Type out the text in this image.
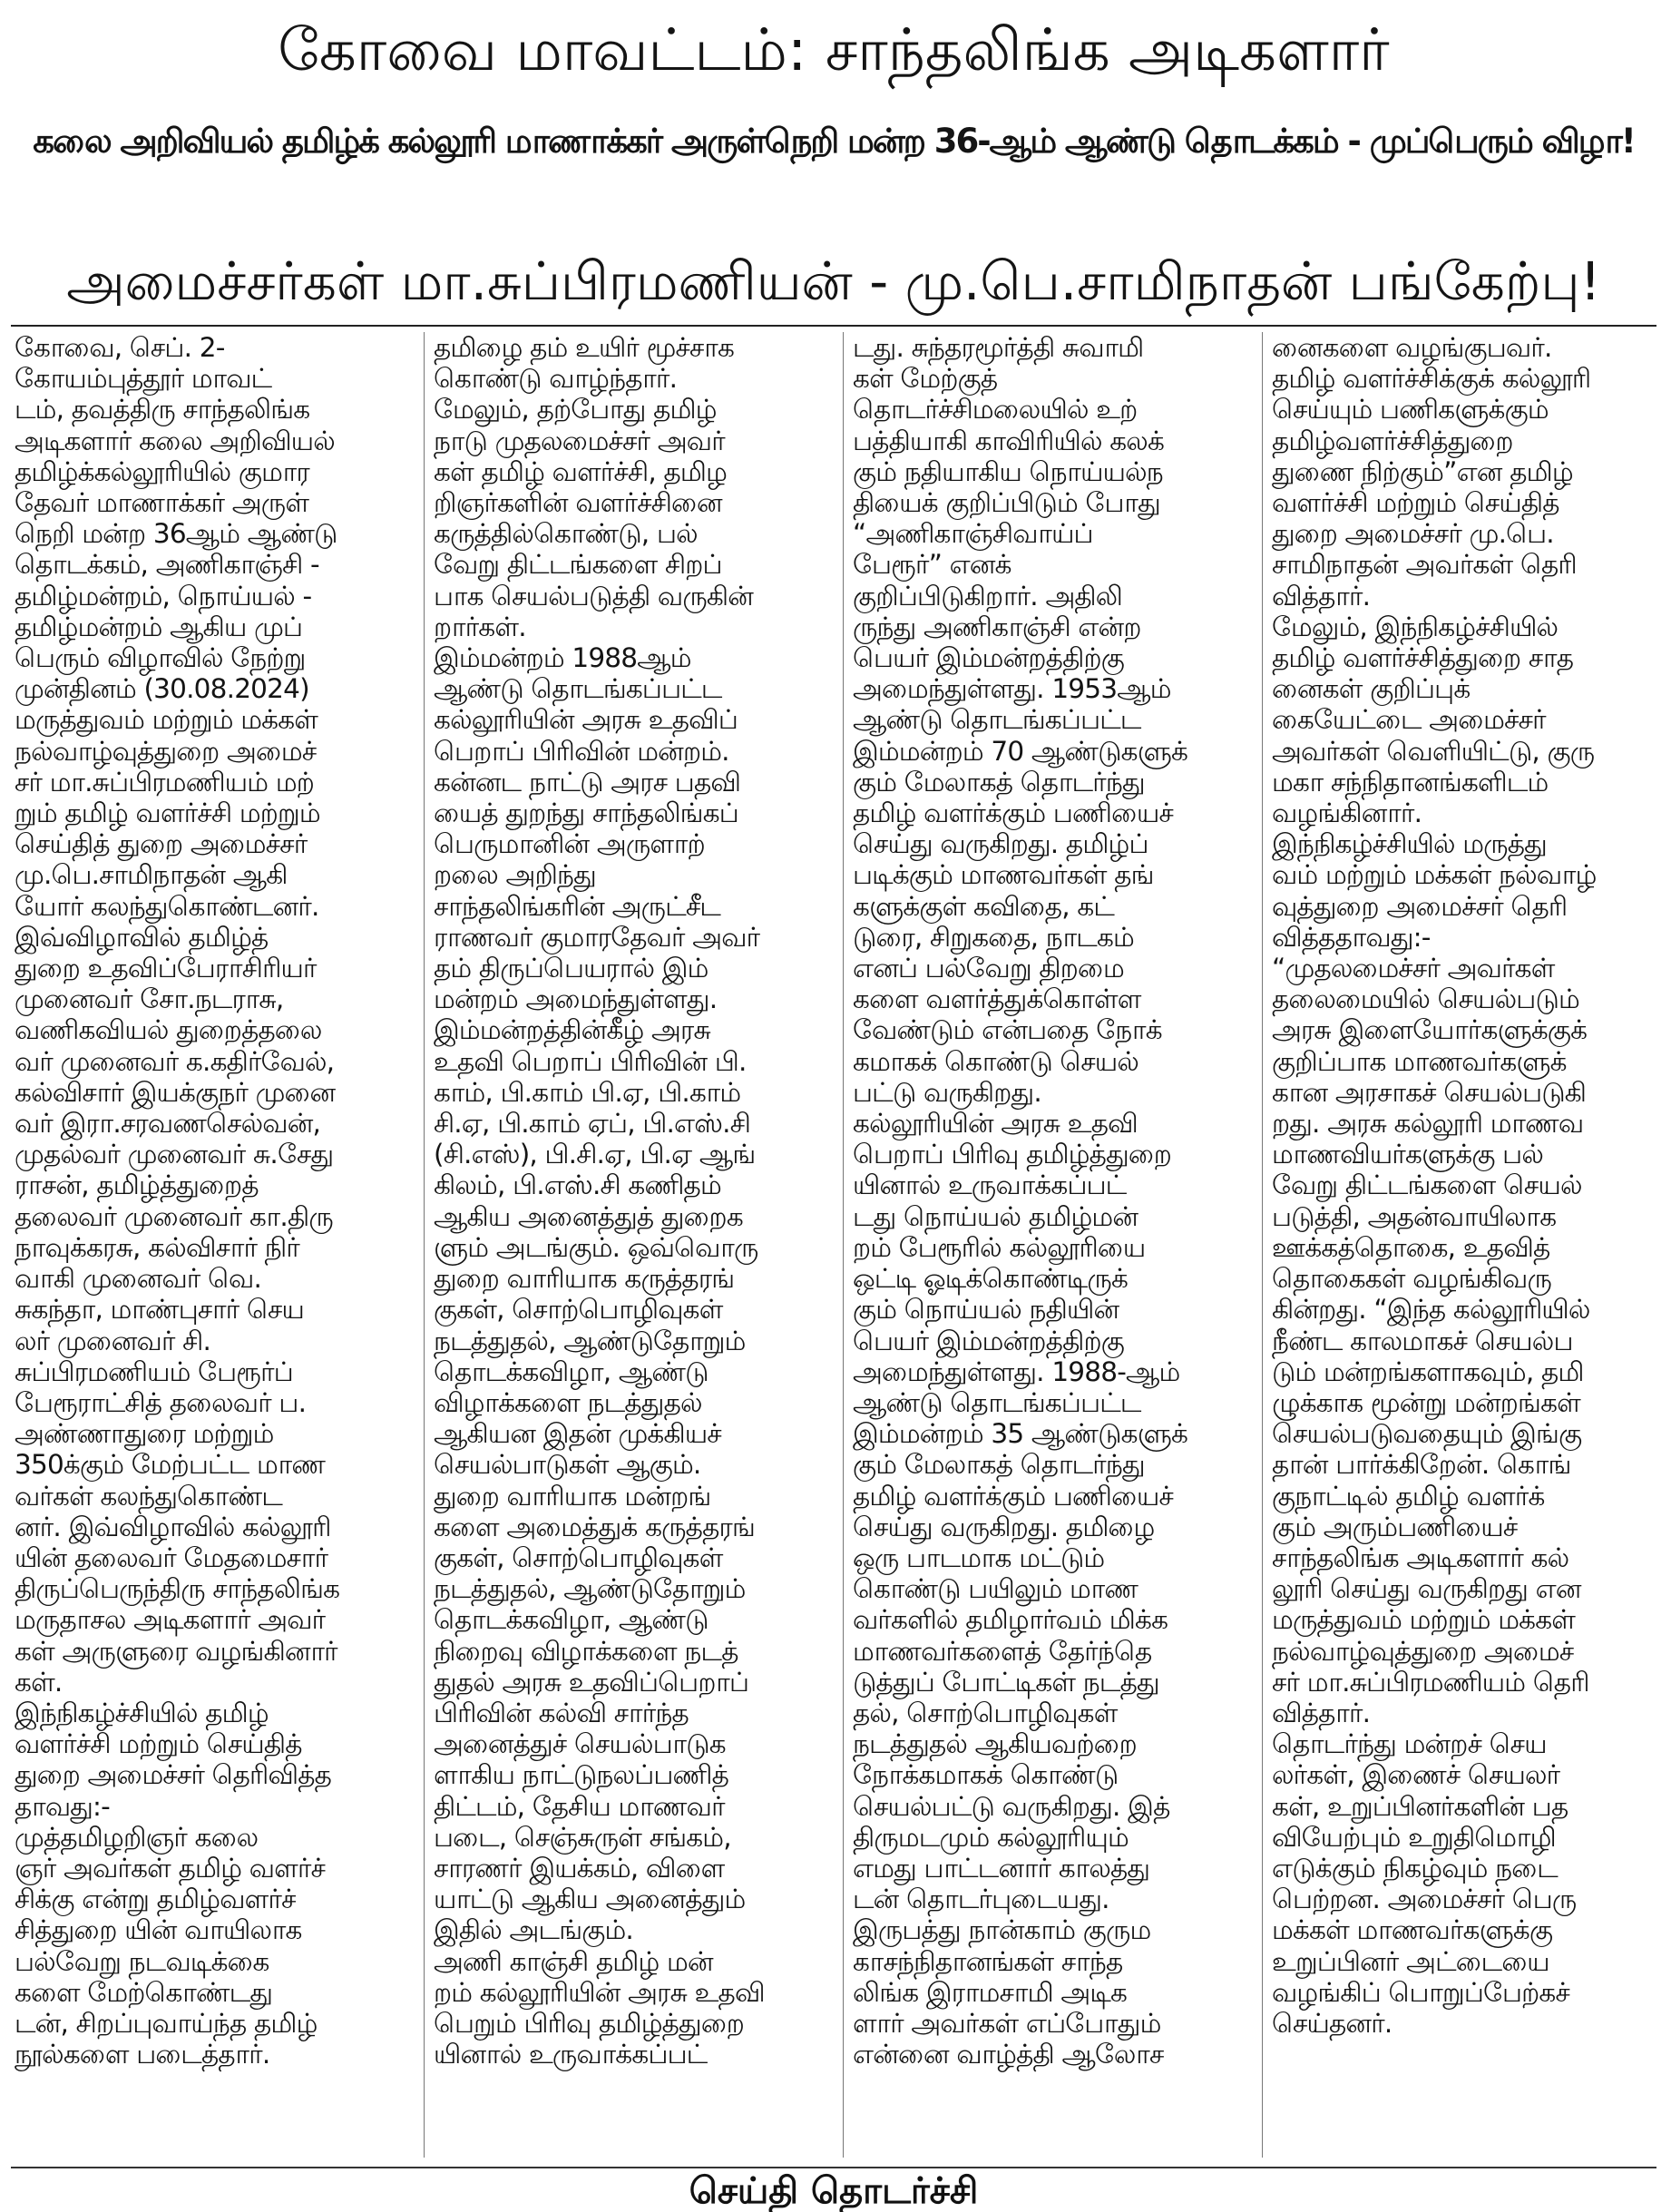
கோவை மாவட்டம்: சாந்தலிங்க அடிகளார்
கலை அறிவியல் தமிழ்க் கல்லூரி மாணாக்கர் அருள்நெறி மன்ற 36-ஆம் ஆண்டு தொடக்கம் - முப்பெரும் விழா!
அமைச்சர்கள் மா.சுப்பிரமணியன் - மு.பெ.சாமிநாதன் பங்கேற்பு!

கோவை, செப். 2-
கோயம்புத்தூர் மாவட்
டம், தவத்திரு சாந்தலிங்க
அடிகளார் கலை அறிவியல்
தமிழ்க்கல்லூரியில் குமார
தேவர் மாணாக்கர் அருள்
நெறி மன்ற 36ஆம் ஆண்டு
தொடக்கம், அணிகாஞ்சி -
தமிழ்மன்றம், நொய்யல் -
தமிழ்மன்றம் ஆகிய முப்
பெரும் விழாவில் நேற்று
முன்தினம் (30.08.2024)
மருத்துவம் மற்றும் மக்கள்
நல்வாழ்வுத்துறை அமைச்
சர் மா.சுப்பிரமணியம் மற்
றும் தமிழ் வளர்ச்சி மற்றும்
செய்தித் துறை அமைச்சர்
மு.பெ.சாமிநாதன் ஆகி
யோர் கலந்துகொண்டனர்.

இவ்விழாவில் தமிழ்த்
துறை உதவிப்பேராசிரியர்
முனைவர் சோ.நடராசு,
வணிகவியல் துறைத்தலை
வர் முனைவர் க.கதிர்வேல்,
கல்விசார் இயக்குநர் முனை
வர் இரா.சரவணசெல்வன்,
முதல்வர் முனைவர் சு.சேது
ராசன், தமிழ்த்துறைத்
தலைவர் முனைவர் கா.திரு
நாவுக்கரசு, கல்விசார் நிர்
வாகி முனைவர் வெ.
சுகந்தா, மாண்புசார் செய
லர் முனைவர் சி.
சுப்பிரமணியம் பேரூர்ப்
பேரூராட்சித் தலைவர் ப.
அண்ணாதுரை மற்றும்
350க்கும் மேற்பட்ட மாண
வர்கள் கலந்துகொண்ட
னர். இவ்விழாவில் கல்லூரி
யின் தலைவர் மேதமைசார்
திருப்பெருந்திரு சாந்தலிங்க
மருதாசல அடிகளார் அவர்
கள் அருளுரை வழங்கினார்
கள்.

இந்நிகழ்ச்சியில் தமிழ்
வளர்ச்சி மற்றும் செய்தித்
துறை அமைச்சர் தெரிவித்த
தாவது:-

முத்தமிழறிஞர் கலை
ஞர் அவர்கள் தமிழ் வளர்ச்
சிக்கு என்று தமிழ்வளர்ச்
சித்துறை யின் வாயிலாக
பல்வேறு நடவடிக்கை
களை மேற்கொண்டது
டன், சிறப்புவாய்ந்த தமிழ்
நூல்களை படைத்தார்.

தமிழை தம் உயிர் மூச்சாக
கொண்டு வாழ்ந்தார்.
மேலும், தற்போது தமிழ்
நாடு முதலமைச்சர் அவர்
கள் தமிழ் வளர்ச்சி, தமிழ
றிஞர்களின் வளர்ச்சினை
கருத்தில்கொண்டு, பல்
வேறு திட்டங்களை சிறப்
பாக செயல்படுத்தி வருகின்
றார்கள்.

இம்மன்றம் 1988ஆம்
ஆண்டு தொடங்கப்பட்ட
கல்லூரியின் அரசு உதவிப்
பெறாப் பிரிவின் மன்றம்.
கன்னட நாட்டு அரச பதவி
யைத் துறந்து சாந்தலிங்கப்
பெருமானின் அருளாற்
றலை அறிந்து
சாந்தலிங்கரின் அருட்சீட
ராணவர் குமாரதேவர் அவர்
தம் திருப்பெயரால் இம்
மன்றம் அமைந்துள்ளது.
இம்மன்றத்தின்கீழ் அரசு
உதவி பெறாப் பிரிவின் பி.
காம், பி.காம் பி.ஏ, பி.காம்
சி.ஏ, பி.காம் ஏப், பி.எஸ்.சி
(சி.எஸ்), பி.சி.ஏ, பி.ஏ ஆங்
கிலம், பி.எஸ்.சி கணிதம்
ஆகிய அனைத்துத் துறைக
ளும் அடங்கும். ஒவ்வொரு
துறை வாரியாக கருத்தரங்
குகள், சொற்பொழிவுகள்
நடத்துதல், ஆண்டுதோறும்
தொடக்கவிழா, ஆண்டு
விழாக்களை நடத்துதல்
ஆகியன இதன் முக்கியச்
செயல்பாடுகள் ஆகும்.

துறை வாரியாக மன்றங்
களை அமைத்துக் கருத்தரங்
குகள், சொற்பொழிவுகள்
நடத்துதல், ஆண்டுதோறும்
தொடக்கவிழா, ஆண்டு
நிறைவு விழாக்களை நடத்
துதல் அரசு உதவிப்பெறாப்
பிரிவின் கல்வி சார்ந்த
அனைத்துச் செயல்பாடுக
ளாகிய நாட்டுநலப்பணித்
திட்டம், தேசிய மாணவர்
படை, செஞ்சுருள் சங்கம்,
சாரணர் இயக்கம், விளை
யாட்டு ஆகிய அனைத்தும்
இதில் அடங்கும்.

அணி காஞ்சி தமிழ் மன்
றம் கல்லூரியின் அரசு உதவி
பெறும் பிரிவு தமிழ்த்துறை
யினால் உருவாக்கப்பட்

டது. சுந்தரமூர்த்தி சுவாமி
கள் மேற்குத்
தொடர்ச்சிமலையில் உற்
பத்தியாகி காவிரியில் கலக்
கும் நதியாகிய நொய்யல்ந
தியைக் குறிப்பிடும் போது
“அணிகாஞ்சிவாய்ப்
பேரூர்” எனக்
குறிப்பிடுகிறார். அதிலி
ருந்து அணிகாஞ்சி என்ற
பெயர் இம்மன்றத்திற்கு
அமைந்துள்ளது. 1953ஆம்
ஆண்டு தொடங்கப்பட்ட
இம்மன்றம் 70 ஆண்டுகளுக்
கும் மேலாகத் தொடர்ந்து
தமிழ் வளர்க்கும் பணியைச்
செய்து வருகிறது. தமிழ்ப்
படிக்கும் மாணவர்கள் தங்
களுக்குள் கவிதை, கட்
டுரை, சிறுகதை, நாடகம்
எனப் பல்வேறு திறமை
களை வளர்த்துக்கொள்ள
வேண்டும் என்பதை நோக்
கமாகக் கொண்டு செயல்
பட்டு வருகிறது.

கல்லூரியின் அரசு உதவி
பெறாப் பிரிவு தமிழ்த்துறை
யினால் உருவாக்கப்பட்
டது நொய்யல் தமிழ்மன்
றம் பேரூரில் கல்லூரியை
ஒட்டி ஓடிக்கொண்டிருக்
கும் நொய்யல் நதியின்
பெயர் இம்மன்றத்திற்கு
அமைந்துள்ளது. 1988-ஆம்
ஆண்டு தொடங்கப்பட்ட
இம்மன்றம் 35 ஆண்டுகளுக்
கும் மேலாகத் தொடர்ந்து
தமிழ் வளர்க்கும் பணியைச்
செய்து வருகிறது. தமிழை
ஒரு பாடமாக மட்டும்
கொண்டு பயிலும் மாண
வர்களில் தமிழார்வம் மிக்க
மாணவர்களைத் தேர்ந்தெ
டுத்துப் போட்டிகள் நடத்து
தல், சொற்பொழிவுகள்
நடத்துதல் ஆகியவற்றை
நோக்கமாகக் கொண்டு
செயல்பட்டு வருகிறது. இத்
திருமடமும் கல்லூரியும்
எமது பாட்டனார் காலத்து
டன் தொடர்புடையது.
இருபத்து நான்காம் குரும
காசந்நிதானங்கள் சாந்த
லிங்க இராமசாமி அடிக
ளார் அவர்கள் எப்போதும்
என்னை வாழ்த்தி ஆலோச

னைகளை வழங்குபவர்.
தமிழ் வளர்ச்சிக்குக் கல்லூரி
செய்யும் பணிகளுக்கும்
தமிழ்வளர்ச்சித்துறை
துணை நிற்கும்”என தமிழ்
வளர்ச்சி மற்றும் செய்தித்
துறை அமைச்சர் மு.பெ.
சாமிநாதன் அவர்கள் தெரி
வித்தார்.

மேலும், இந்நிகழ்ச்சியில்
தமிழ் வளர்ச்சித்துறை சாத
னைகள் குறிப்புக்
கையேட்டை அமைச்சர்
அவர்கள் வெளியிட்டு, குரு
மகா சந்நிதானங்களிடம்
வழங்கினார்.

இந்நிகழ்ச்சியில் மருத்து
வம் மற்றும் மக்கள் நல்வாழ்
வுத்துறை அமைச்சர் தெரி
வித்ததாவது:-

“முதலமைச்சர் அவர்கள்
தலைமையில் செயல்படும்
அரசு இளையோர்களுக்குக்
குறிப்பாக மாணவர்களுக்
கான அரசாகச் செயல்படுகி
றது. அரசு கல்லூரி மாணவ
மாணவியர்களுக்கு பல்
வேறு திட்டங்களை செயல்
படுத்தி, அதன்வாயிலாக
ஊக்கத்தொகை, உதவித்
தொகைகள் வழங்கிவரு
கின்றது. “இந்த கல்லூரியில்
நீண்ட காலமாகச் செயல்ப
டும் மன்றங்களாகவும், தமி
ழுக்காக மூன்று மன்றங்கள்
செயல்படுவதையும் இங்கு
தான் பார்க்கிறேன். கொங்
குநாட்டில் தமிழ் வளர்க்
கும் அரும்பணியைச்
சாந்தலிங்க அடிகளார் கல்
லூரி செய்து வருகிறது என
மருத்துவம் மற்றும் மக்கள்
நல்வாழ்வுத்துறை அமைச்
சர் மா.சுப்பிரமணியம் தெரி
வித்தார்.

தொடர்ந்து மன்றச் செய
லர்கள், இணைச் செயலர்
கள், உறுப்பினர்களின் பத
வியேற்பும் உறுதிமொழி
எடுக்கும் நிகழ்வும் நடை
பெற்றன. அமைச்சர் பெரு
மக்கள் மாணவர்களுக்கு
உறுப்பினர் அட்டையை
வழங்கிப் பொறுப்பேற்கச்
செய்தனர்.

செய்தி தொடர்ச்சி
